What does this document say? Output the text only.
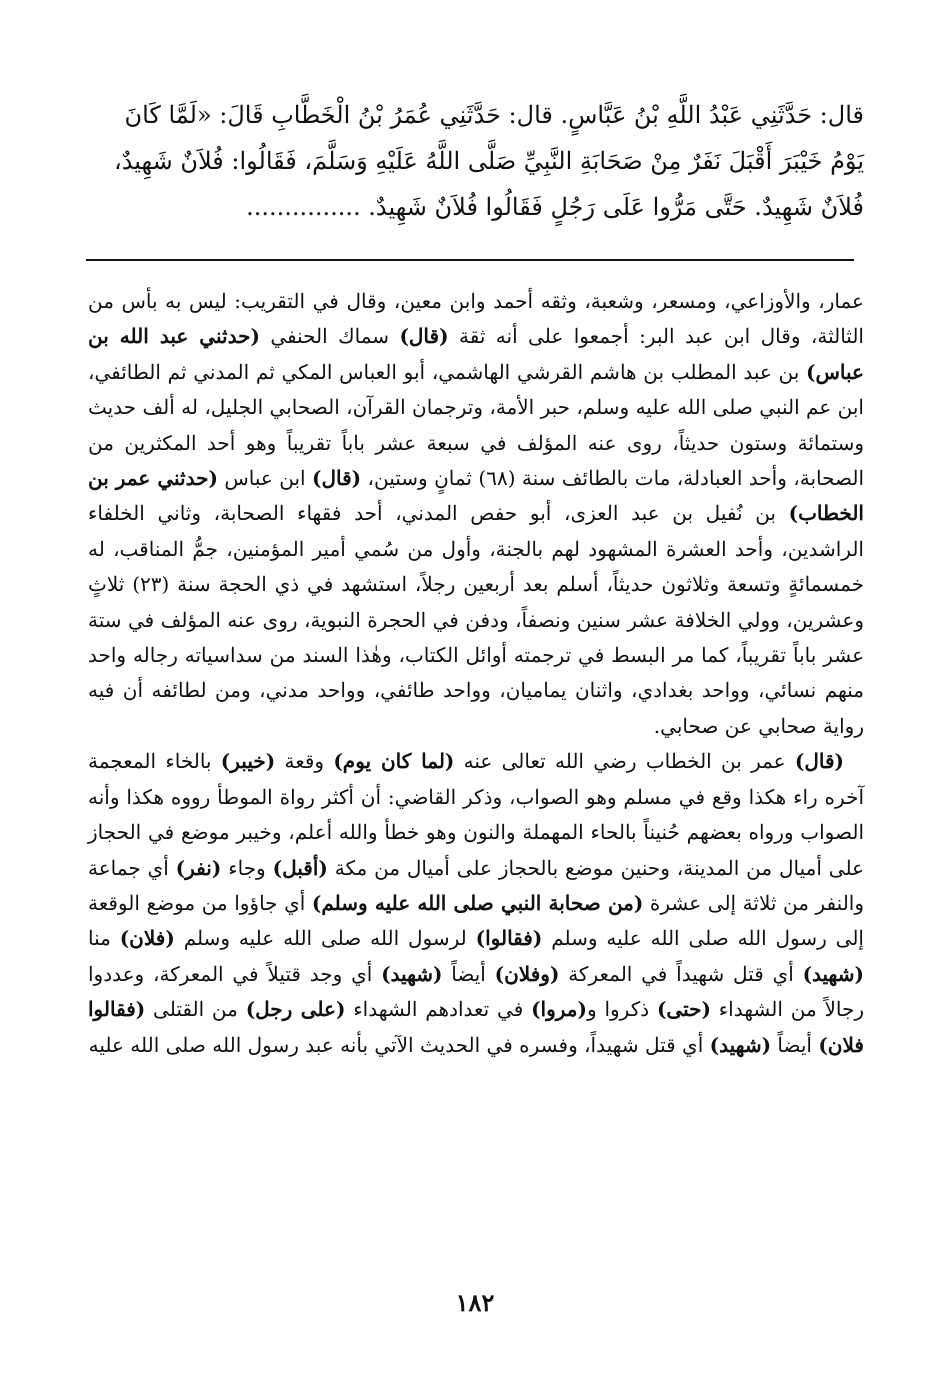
قال: حَدَّثَنِي عَبْدُ اللَّهِ بْنُ عَبَّاسٍ. قال: حَدَّثَنِي عُمَرُ بْنُ الْخَطَّابِ قَالَ: «لَمَّا كَانَ

يَوْمُ خَيْبَرَ أَقْبَلَ نَفَرٌ مِنْ صَحَابَةِ النَّبِيِّ صَلَّى اللَّهُ عَلَيْهِ وَسَلَّمَ، فَقَالُوا: فُلاَنٌ شَهِيدٌ،

فُلاَنٌ شَهِيدٌ. حَتَّى مَرُّوا عَلَى رَجُلٍ فَقَالُوا فُلاَنٌ شَهِيدٌ. ...............

عمار، والأوزاعي، ومسعر، وشعبة، وثقه أحمد وابن معين، وقال في التقريب: ليس به بأس من الثالثة، وقال ابن عبد البر: أجمعوا على أنه ثقة (قال) سماك الحنفي (حدثني عبد الله بن عباس) بن عبد المطلب بن هاشم القرشي الهاشمي، أبو العباس المكي ثم المدني ثم الطائفي، ابن عم النبي صلى الله عليه وسلم، حبر الأمة، وترجمان القرآن، الصحابي الجليل، له ألف حديث وستمائة وستون حديثاً، روى عنه المؤلف في سبعة عشر باباً تقريباً وهو أحد المكثرين من الصحابة، وأحد العبادلة، مات بالطائف سنة (٦٨) ثمانٍ وستين، (قال) ابن عباس (حدثني عمر بن الخطاب) بن نُفيل بن عبد العزى، أبو حفص المدني، أحد فقهاء الصحابة، وثاني الخلفاء الراشدين، وأحد العشرة المشهود لهم بالجنة، وأول من سُمي أمير المؤمنين، جمُّ المناقب، له خمسمائةٍ وتسعة وثلاثون حديثاً، أسلم بعد أربعين رجلاً، استشهد في ذي الحجة سنة (٢٣) ثلاثٍ وعشرين، وولي الخلافة عشر سنين ونصفاً، ودفن في الحجرة النبوية، روى عنه المؤلف في ستة عشر باباً تقريباً، كما مر البسط في ترجمته أوائل الكتاب، وهٰذا السند من سداسياته رجاله واحد منهم نسائي، وواحد بغدادي، واثنان يماميان، وواحد طائفي، وواحد مدني، ومن لطائفه أن فيه رواية صحابي عن صحابي.

(قال) عمر بن الخطاب رضي الله تعالى عنه (لما كان يوم) وقعة (خيبر) بالخاء المعجمة آخره راء هكذا وقع في مسلم وهو الصواب، وذكر القاضي: أن أكثر رواة الموطأ رووه هكذا وأنه الصواب ورواه بعضهم حُنيناً بالحاء المهملة والنون وهو خطأ والله أعلم، وخيبر موضع في الحجاز على أميال من المدينة، وحنين موضع بالحجاز على أميال من مكة (أقبل) وجاء (نفر) أي جماعة والنفر من ثلاثة إلى عشرة (من صحابة النبي صلى الله عليه وسلم) أي جاؤوا من موضع الوقعة إلى رسول الله صلى الله عليه وسلم (فقالوا) لرسول الله صلى الله عليه وسلم (فلان) منا (شهيد) أي قتل شهيداً في المعركة (وفلان) أيضاً (شهيد) أي وجد قتيلاً في المعركة، وعددوا رجالاً من الشهداء (حتى) ذكروا و(مروا) في تعدادهم الشهداء (على رجل) من القتلى (فقالوا فلان) أيضاً (شهيد) أي قتل شهيداً، وفسره في الحديث الآتي بأنه عبد رسول الله صلى الله عليه

١٨٢
